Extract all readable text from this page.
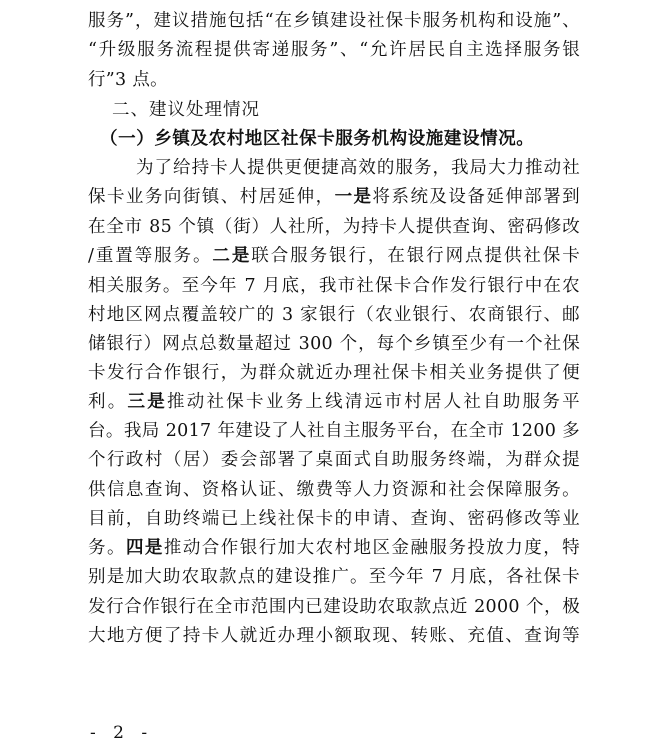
服务”，建议措施包括“在乡镇建设社保卡服务机构和设施”、
“升级服务流程提供寄递服务”、“允许居民自主选择服务银
行”3 点。
二、建议处理情况
（一）乡镇及农村地区社保卡服务机构设施建设情况。
为了给持卡人提供更便捷高效的服务，我局大力推动社
保卡业务向街镇、村居延伸，一是将系统及设备延伸部署到
在全市 85 个镇（街）人社所，为持卡人提供查询、密码修改
/重置等服务。二是联合服务银行，在银行网点提供社保卡
相关服务。至今年 7 月底，我市社保卡合作发行银行中在农
村地区网点覆盖较广的 3 家银行（农业银行、农商银行、邮
储银行）网点总数量超过 300 个，每个乡镇至少有一个社保
卡发行合作银行，为群众就近办理社保卡相关业务提供了便
利。三是推动社保卡业务上线清远市村居人社自助服务平
台。我局 2017 年建设了人社自主服务平台，在全市 1200 多
个行政村（居）委会部署了桌面式自助服务终端，为群众提
供信息查询、资格认证、缴费等人力资源和社会保障服务。
目前，自助终端已上线社保卡的申请、查询、密码修改等业
务。四是推动合作银行加大农村地区金融服务投放力度，特
别是加大助农取款点的建设推广。至今年 7 月底，各社保卡
发行合作银行在全市范围内已建设助农取款点近 2000 个，极
大地方便了持卡人就近办理小额取现、转账、充值、查询等
- 2 -
